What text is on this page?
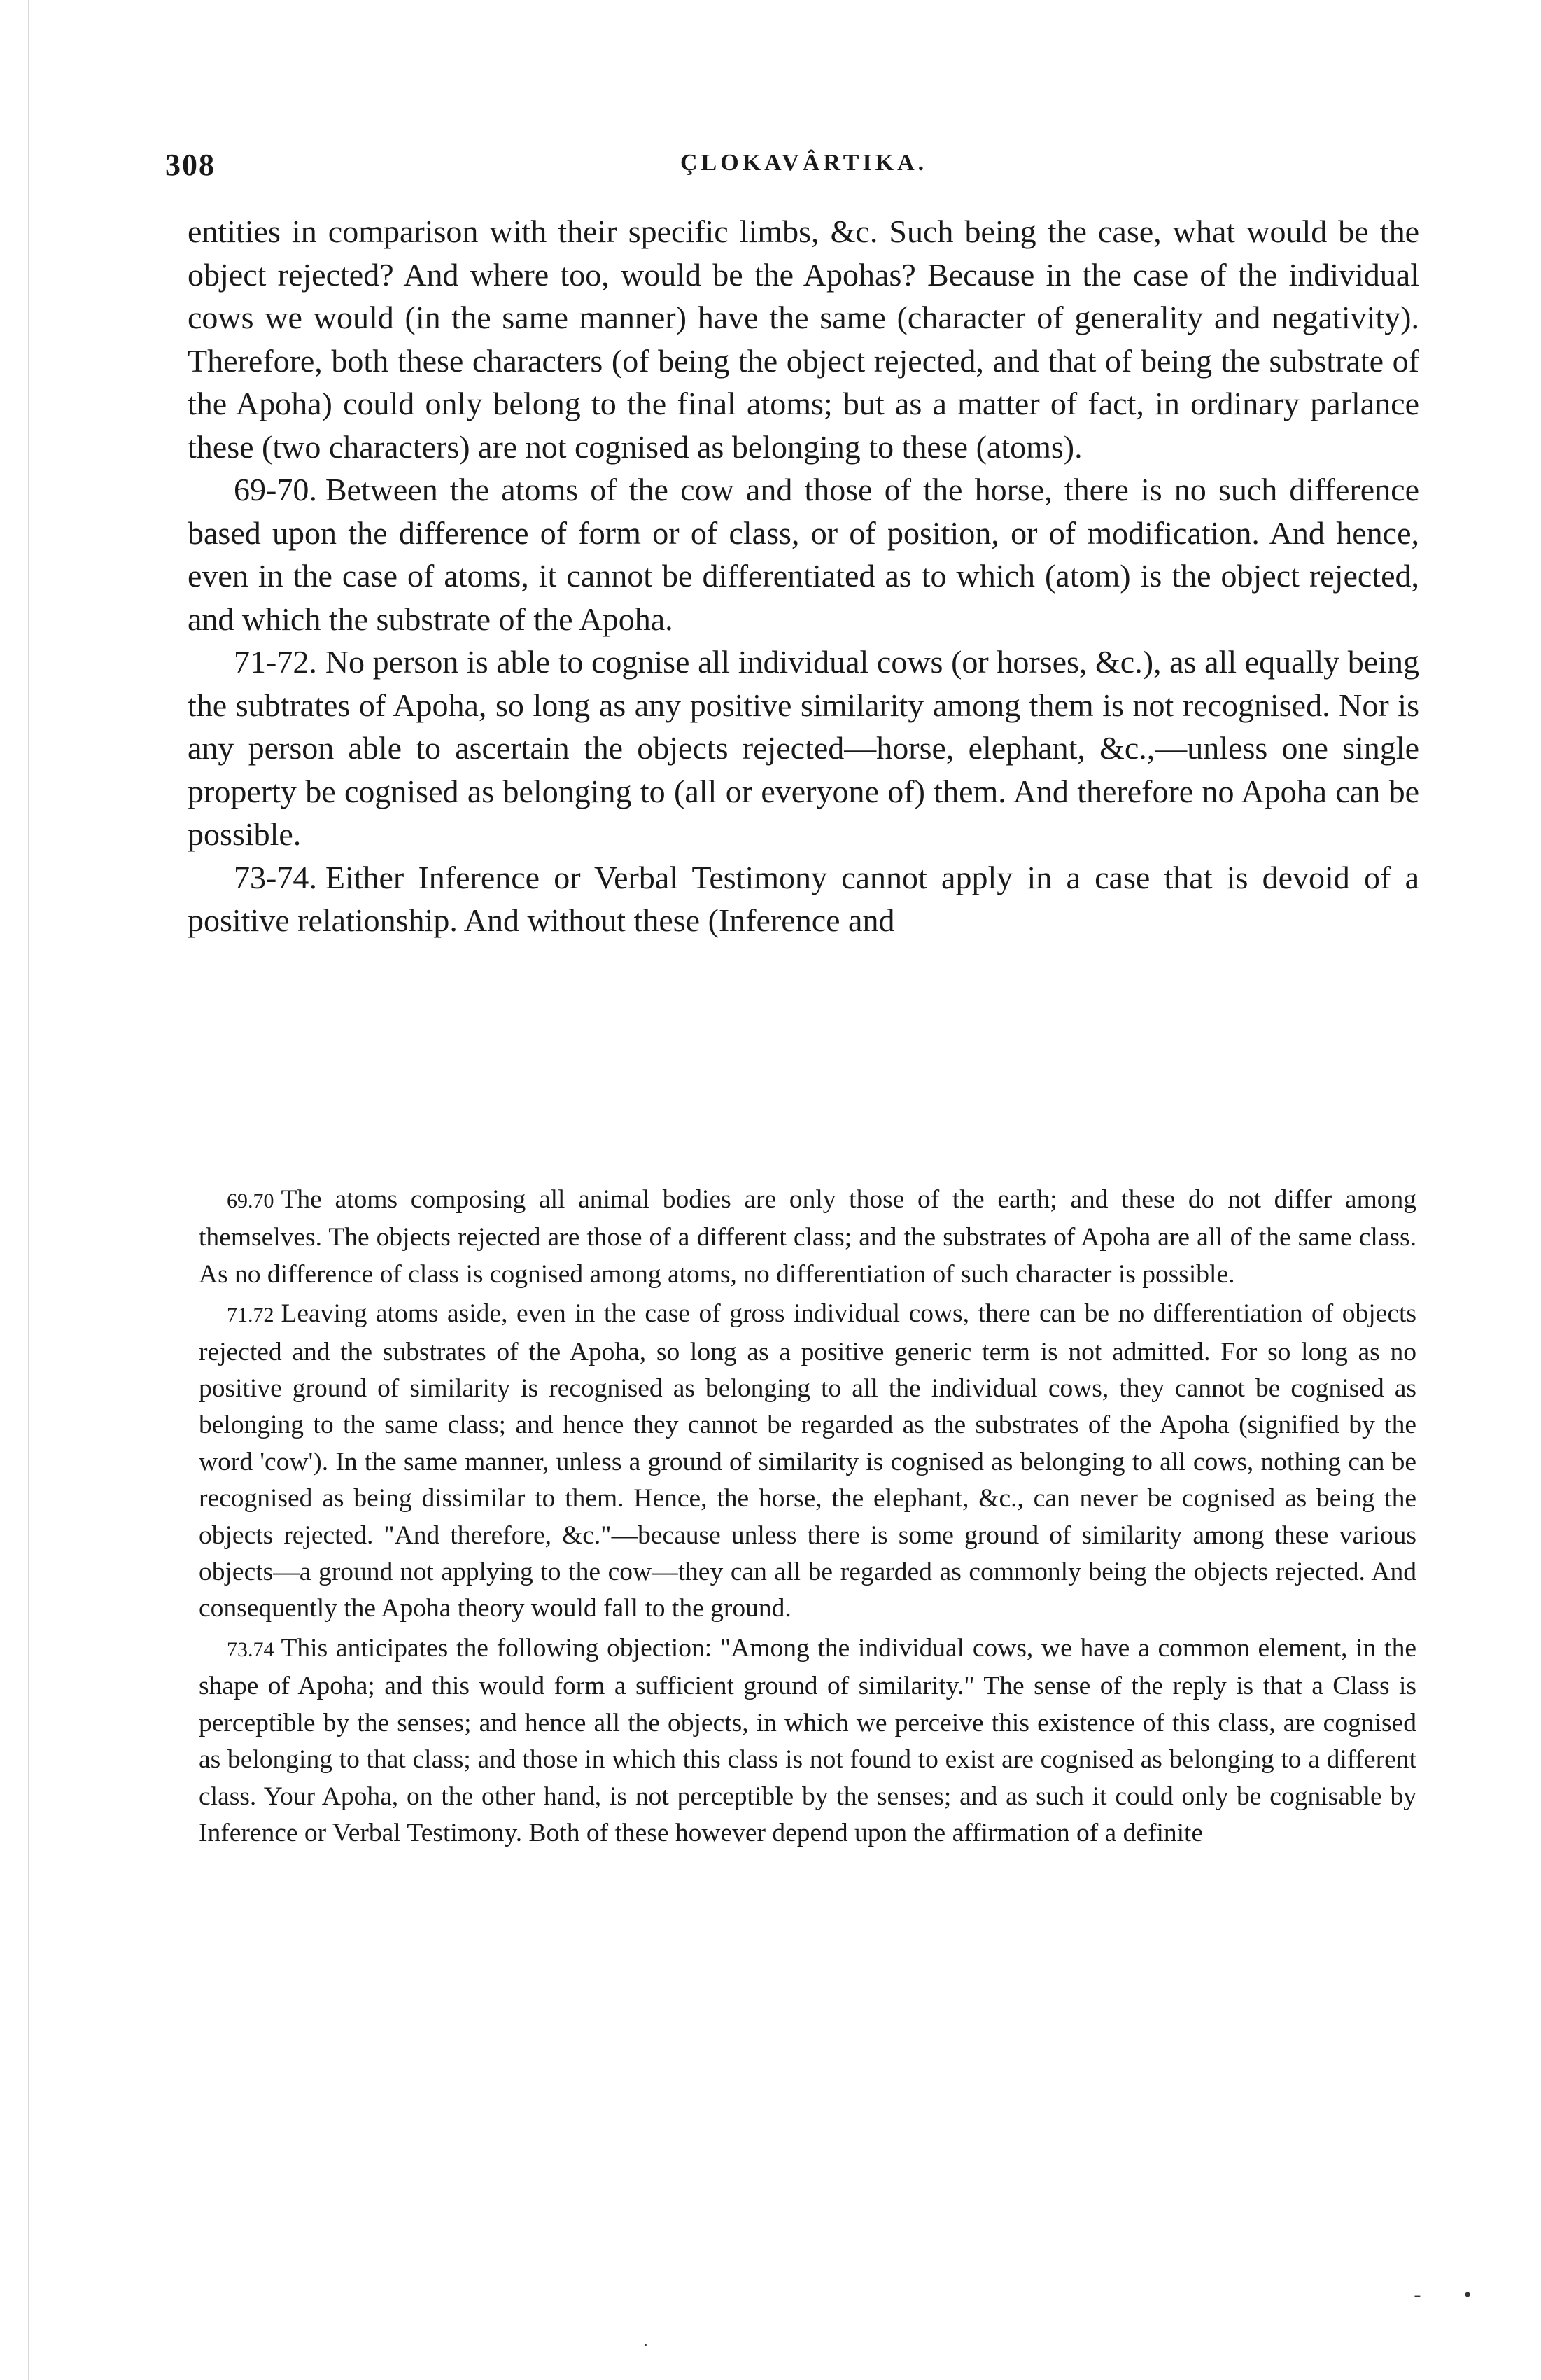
308	ÇLOKAVÂRTIKA.

entities in comparison with their specific limbs, &c. Such being the case, what would be the object rejected? And where too, would be the Apohas? Because in the case of the individual cows we would (in the same manner) have the same (character of generality and negativity). Therefore, both these characters (of being the object rejected, and that of being the substrate of the Apoha) could only belong to the final atoms; but as a matter of fact, in ordinary parlance these (two characters) are not cognised as belonging to these (atoms).

69-70. Between the atoms of the cow and those of the horse, there is no such difference based upon the difference of form or of class, or of position, or of modification. And hence, even in the case of atoms, it cannot be differentiated as to which (atom) is the object rejected, and which the substrate of the Apoha.

71-72. No person is able to cognise all individual cows (or horses, &c.), as all equally being the subtrates of Apoha, so long as any positive similarity among them is not recognised. Nor is any person able to ascertain the objects rejected—horse, elephant, &c.,—unless one single property be cognised as belonging to (all or everyone of) them. And therefore no Apoha can be possible.

73-74. Either Inference or Verbal Testimony cannot apply in a case that is devoid of a positive relationship. And without these (Inference and

69.70 The atoms composing all animal bodies are only those of the earth; and these do not differ among themselves. The objects rejected are those of a different class; and the substrates of Apoha are all of the same class. As no difference of class is cognised among atoms, no differentiation of such character is possible.

71.72 Leaving atoms aside, even in the case of gross individual cows, there can be no differentiation of objects rejected and the substrates of the Apoha, so long as a positive generic term is not admitted. For so long as no positive ground of similarity is recognised as belonging to all the individual cows, they cannot be cognised as belonging to the same class; and hence they cannot be regarded as the substrates of the Apoha (signified by the word 'cow'). In the same manner, unless a ground of similarity is cognised as belonging to all cows, nothing can be recognised as being dissimilar to them. Hence, the horse, the elephant, &c., can never be cognised as being the objects rejected. "And therefore, &c."—because unless there is some ground of similarity among these various objects—a ground not applying to the cow—they can all be regarded as commonly being the objects rejected. And consequently the Apoha theory would fall to the ground.

73.74 This anticipates the following objection: "Among the individual cows, we have a common element, in the shape of Apoha; and this would form a sufficient ground of similarity." The sense of the reply is that a Class is perceptible by the senses; and hence all the objects, in which we perceive this existence of this class, are cognised as belonging to that class; and those in which this class is not found to exist are cognised as belonging to a different class. Your Apoha, on the other hand, is not perceptible by the senses; and as such it could only be cognisable by Inference or Verbal Testimony. Both of these however depend upon the affirmation of a definite

- •
·
